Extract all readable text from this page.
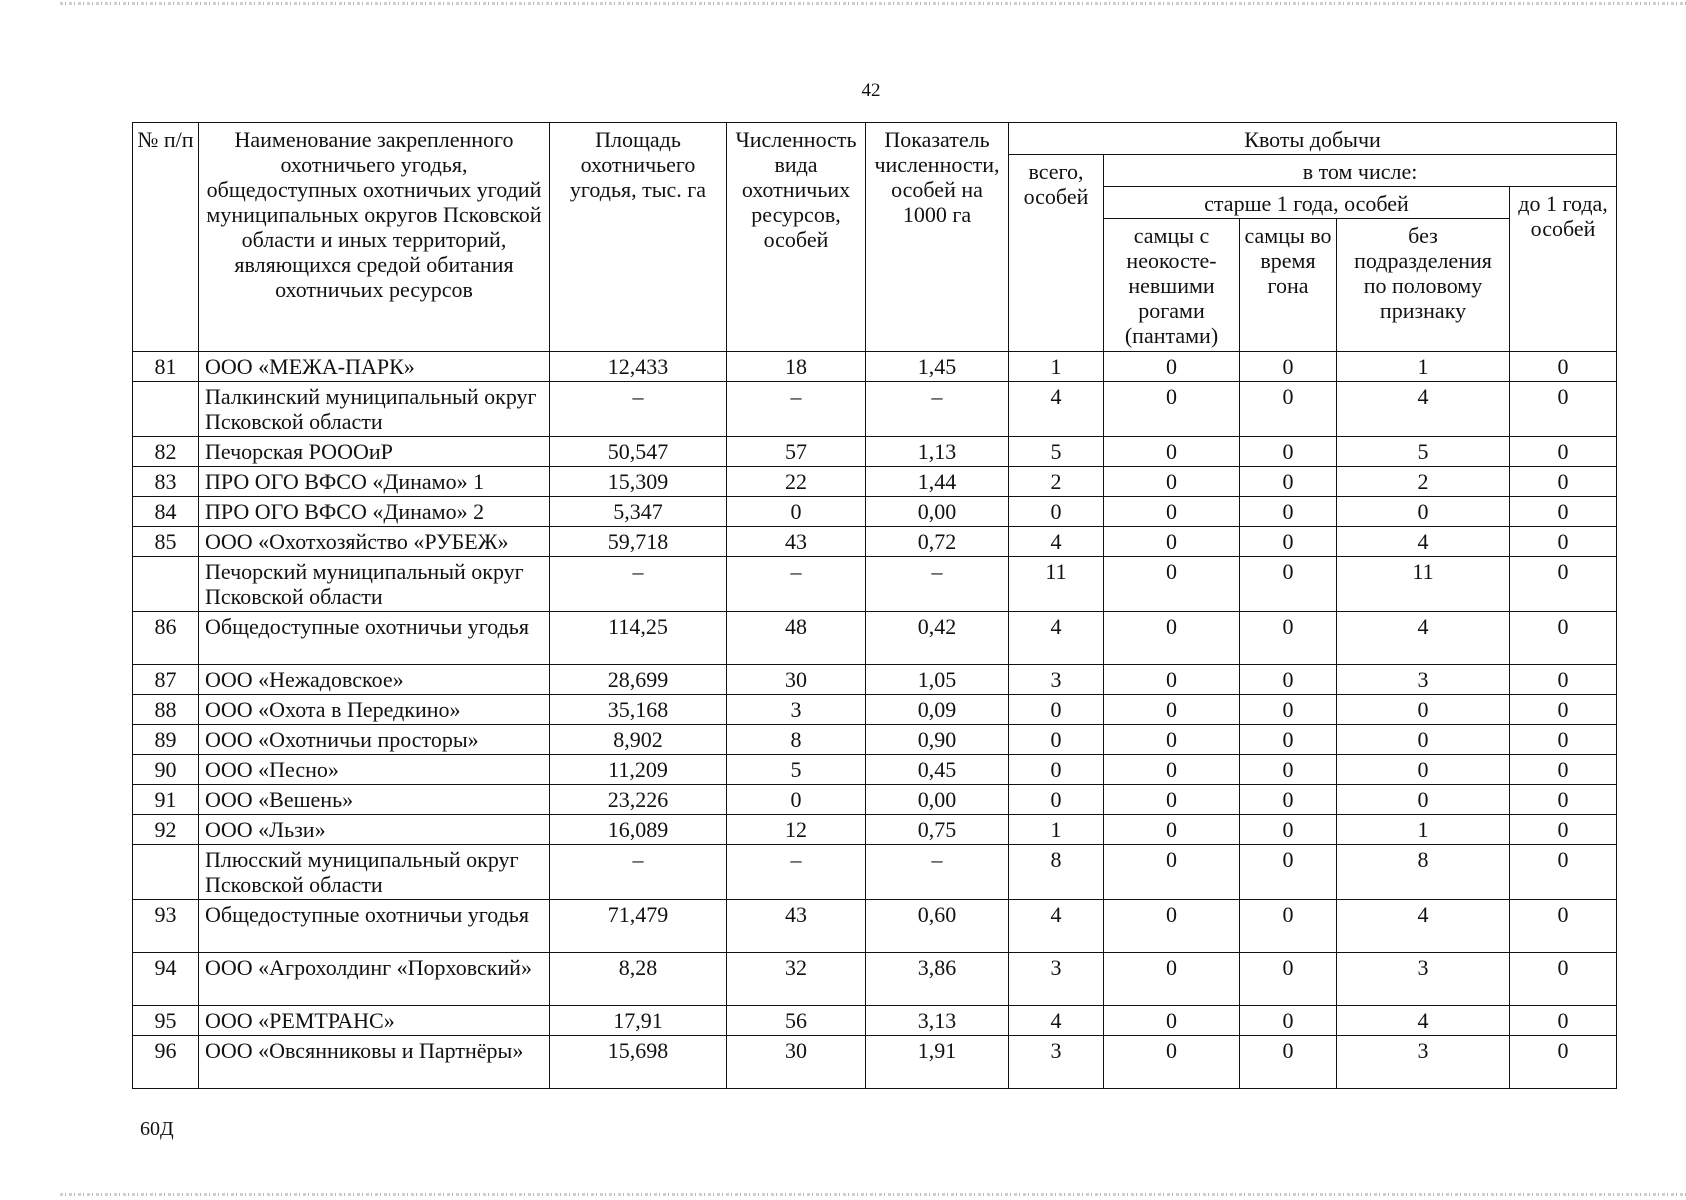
42
№ п/п	Наименование закрепленного охотничьего угодья, общедоступных охотничьих угодий муниципальных округов Псковской области и иных территорий, являющихся средой обитания охотничьих ресурсов	Площадь охотничьего угодья, тыс. га	Численность вида охотничьих ресурсов, особей	Показатель численности, особей на 1000 га	Квоты добычи				
					всего, особей	в том числе:			
						старше 1 года, особей			до 1 года, особей
						самцы с неокосте-невшими рогами (пантами)	самцы во время гона	без подразделения по половому признаку	
81	ООО «МЕЖА-ПАРК»	12,433	18	1,45	1	0	0	1	0
	Палкинский муниципальный округ Псковской области	–	–	–	4	0	0	4	0
82	Печорская РОООиР	50,547	57	1,13	5	0	0	5	0
83	ПРО ОГО ВФСО «Динамо» 1	15,309	22	1,44	2	0	0	2	0
84	ПРО ОГО ВФСО «Динамо» 2	5,347	0	0,00	0	0	0	0	0
85	ООО «Охотхозяйство «РУБЕЖ»	59,718	43	0,72	4	0	0	4	0
	Печорский муниципальный округ Псковской области	–	–	–	11	0	0	11	0
86	Общедоступные охотничьи угодья	114,25	48	0,42	4	0	0	4	0
87	ООО «Нежадовское»	28,699	30	1,05	3	0	0	3	0
88	ООО «Охота в Передкино»	35,168	3	0,09	0	0	0	0	0
89	ООО «Охотничьи просторы»	8,902	8	0,90	0	0	0	0	0
90	ООО «Песно»	11,209	5	0,45	0	0	0	0	0
91	ООО «Вешень»	23,226	0	0,00	0	0	0	0	0
92	ООО «Льзи»	16,089	12	0,75	1	0	0	1	0
	Плюсский муниципальный округ Псковской области	–	–	–	8	0	0	8	0
93	Общедоступные охотничьи угодья	71,479	43	0,60	4	0	0	4	0
94	ООО «Агрохолдинг «Порховский»	8,28	32	3,86	3	0	0	3	0
95	ООО «РЕМТРАНС»	17,91	56	3,13	4	0	0	4	0
96	ООО «Овсянниковы и Партнёры»	15,698	30	1,91	3	0	0	3	0
60Д
